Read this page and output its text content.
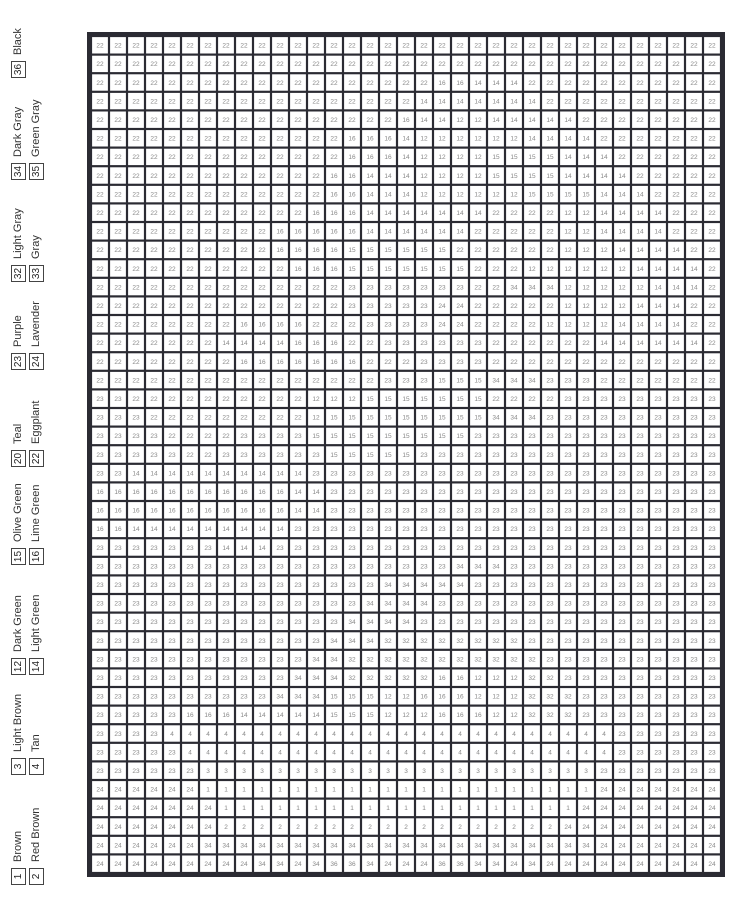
1
Brown
2
Red Brown
3
Light Brown
4
Tan
12
Dark Green
14
Light Green
15
Olive Green
16
Lime Green
20
Teal
22
Eggplant
23
Purple
24
Lavender
32
Light Gray
33
Gray
34
Dark Gray
35
Green Gray
36
Black	22 22 22 22 22 22 22 22 22 22 22 22 22 22 22 22 22 22 22 22 22 22 22 22 22 22 22 22 22 22 22 22 22 22 22
22 22 22 22 22 22 22 22 22 22 22 22 22 22 22 22 22 22 22 22 22 22 22 22 22 22 22 22 22 22 22 22 22 22 22
22 22 22 22 22 22 22 22 22 22 22 22 22 22 22 22 22 22 22 16 16 14 14 14 22 22 22 22 22 22 22 22 22 22 22
22 22 22 22 22 22 22 22 22 22 22 22 22 22 22 22 22 22 14 14 14 14 14 14 14 22 22 22 22 22 22 22 22 22 22
22 22 22 22 22 22 22 22 22 22 22 22 22 22 22 22 22 16 14 14 12 12 14 14 14 14 14 22 22 22 22 22 22 22 22
22 22 22 22 22 22 22 22 22 22 22 22 22 22 16 16 16 14 12 12 12 12 12 12 14 14 14 14 22 22 22 22 22 22 22
22 22 22 22 22 22 22 22 22 22 22 22 22 22 16 16 16 14 12 12 12 12 15 15 15 15 14 14 14 22 22 22 22 22 22
22 22 22 22 22 22 22 22 22 22 22 22 22 16 16 14 14 14 12 12 12 12 15 15 15 15 14 14 14 14 22 22 22 22 22
22 22 22 22 22 22 22 22 22 22 22 22 22 16 16 14 14 14 12 12 12 12 12 12 15 15 15 15 14 14 14 22 22 22 22
22 22 22 22 22 22 22 22 22 22 22 22 16 16 16 14 14 14 14 14 14 14 22 22 22 22 12 12 14 14 14 14 22 22 22
22 22 22 22 22 22 22 22 22 22 16 16 16 16 16 14 14 14 14 14 14 22 22 22 22 22 12 12 14 14 14 14 22 22 22
22 22 22 22 22 22 22 22 22 22 16 16 16 16 15 15 15 15 15 15 22 22 22 22 22 22 12 12 12 14 14 14 14 22 22
22 22 22 22 22 22 22 22 22 22 22 16 16 16 15 15 15 15 15 15 15 22 22 22 12 12 12 12 12 12 14 14 14 14 22
22 22 22 22 22 22 22 22 22 22 22 22 22 22 23 23 23 23 23 23 23 22 22 34 34 34 12 12 12 12 12 14 14 14 22
22 22 22 22 22 22 22 22 22 22 22 22 22 22 23 23 23 23 23 24 24 22 22 22 22 22 12 12 12 12 14 14 14 22 22
22 22 22 22 22 22 22 22 16 16 16 16 22 22 22 23 23 23 23 24 24 22 22 22 22 12 12 12 12 14 14 14 14 22 22
22 22 22 22 22 22 22 14 14 14 14 16 16 16 22 22 23 23 23 23 23 23 22 22 22 22 22 22 14 14 14 14 14 14 22
22 22 22 22 22 22 22 22 16 16 16 16 16 16 16 22 22 22 23 23 23 23 22 22 22 22 22 22 22 22 22 22 22 22 22
22 22 22 22 22 22 22 22 22 22 22 22 22 22 22 22 23 23 23 15 15 15 34 34 34 23 23 23 22 22 22 22 22 22 22
23 23 22 22 22 22 22 22 22 22 22 22 12 12 12 15 15 15 15 15 15 15 22 22 22 22 23 23 23 23 23 23 23 23 23
23 23 23 22 22 22 22 22 22 22 22 22 12 15 15 15 15 15 15 15 15 15 34 34 34 23 23 23 23 23 23 23 23 23 23
23 23 23 23 22 22 22 22 23 23 23 23 15 15 15 15 15 15 15 15 15 23 23 23 23 23 23 23 23 23 23 23 23 23 23
23 23 23 23 23 22 22 23 23 23 23 23 23 15 15 15 15 15 23 23 23 23 23 23 23 23 23 23 23 23 23 23 23 23 23
23 23 14 14 14 14 14 14 14 14 14 14 23 23 23 23 23 23 23 23 23 23 23 23 23 23 23 23 23 23 23 23 23 23 23
16 16 16 16 16 16 16 16 16 16 16 14 14 23 23 23 23 23 23 23 23 23 23 23 23 23 23 23 23 23 23 23 23 23 23
16 16 16 16 16 16 16 16 16 16 16 14 14 23 23 23 23 23 23 23 23 23 23 23 23 23 23 23 23 23 23 23 23 23 23
16 16 14 14 14 14 14 14 14 14 14 23 23 23 23 23 23 23 23 23 23 23 23 23 23 23 23 23 23 23 23 23 23 23 23
23 23 23 23 23 23 23 14 14 14 23 23 23 23 23 23 23 23 23 23 23 23 23 23 23 23 23 23 23 23 23 23 23 23 23
23 23 23 23 23 23 23 23 23 23 23 23 23 23 23 23 23 23 23 23 34 34 34 23 23 23 23 23 23 23 23 23 23 23 23
23 23 23 23 23 23 23 23 23 23 23 23 23 23 23 23 34 34 34 34 34 23 23 23 23 23 23 23 23 23 23 23 23 23 23
23 23 23 23 23 23 23 23 23 23 23 23 23 23 23 34 34 34 34 23 23 23 23 23 23 23 23 23 23 23 23 23 23 23 23
23 23 23 23 23 23 23 23 23 23 23 23 23 23 34 34 34 34 23 23 23 23 23 23 23 23 23 23 23 23 23 23 23 23 23
23 23 23 23 23 23 23 23 23 23 23 23 23 34 34 34 32 32 32 32 32 32 32 32 23 23 23 23 23 23 23 23 23 23 23
23 23 23 23 23 23 23 23 23 23 23 23 34 34 32 32 32 32 32 32 32 32 32 32 32 23 23 23 23 23 23 23 23 23 23
23 23 23 23 23 23 23 23 23 23 23 34 34 34 32 32 32 32 32 16 16 12 12 12 32 32 23 23 23 23 23 23 23 23 23
23 23 23 23 23 23 23 23 23 23 34 34 34 15 15 15 12 12 16 16 16 12 12 12 32 32 32 23 23 23 23 23 23 23 23
23 23 23 23 23 16 16 16 14 14 14 14 14 15 15 15 12 12 12 16 16 16 12 12 32 32 32 23 23 23 23 23 23 23 23
23 23 23 23 4 4 4 4 4 4 4 4 4 4 4 4 4 4 4 4 4 4 4 4 4 4 4 4 4 23 23 23 23 23 23
23 23 23 23 23 4 4 4 4 4 4 4 4 4 4 4 4 4 4 4 4 4 4 4 4 4 4 4 4 23 23 23 23 23 23
23 23 23 23 23 23 3 3 3 3 3 3 3 3 3 3 3 3 3 3 3 3 3 3 3 3 3 3 23 23 23 23 23 23 23
24 24 24 24 24 24 1 1 1 1 1 1 1 1 1 1 1 1 1 1 1 1 1 1 1 1 1 1 24 24 24 24 24 24 24
24 24 24 24 24 24 24 1 1 1 1 1 1 1 1 1 1 1 1 1 1 1 1 1 1 1 1 24 24 24 24 24 24 24 24
24 24 24 24 24 24 24 2 2 2 2 2 2 2 2 2 2 2 2 2 2 2 2 2 2 2 24 24 24 24 24 24 24 24 24
24 24 24 24 24 24 34 34 34 34 34 34 34 34 34 34 34 34 34 34 34 34 34 34 34 34 34 34 24 24 24 24 24 24 24
24 24 24 24 24 24 24 24 24 34 34 24 34 36 36 34 24 24 24 36 36 34 34 24 34 24 24 24 24 24 24 24 24 24 24
